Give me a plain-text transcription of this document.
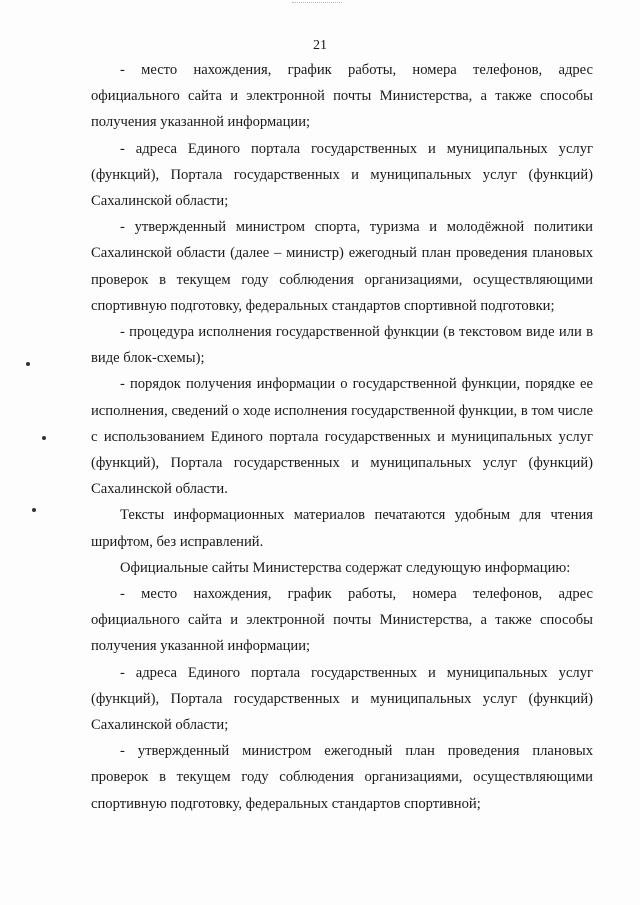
21

- место нахождения, график работы, номера телефонов, адрес официального сайта и электронной почты Министерства, а также способы получения указанной информации;

- адреса Единого портала государственных и муниципальных услуг (функций), Портала государственных и муниципальных услуг (функций) Сахалинской области;

- утвержденный министром спорта, туризма и молодёжной политики Сахалинской области (далее – министр) ежегодный план проведения плановых проверок в текущем году соблюдения организациями, осуществляющими спортивную подготовку, федеральных стандартов спортивной подготовки;

- процедура исполнения государственной функции (в текстовом виде или в виде блок-схемы);

- порядок получения информации о государственной функции, порядке ее исполнения, сведений о ходе исполнения государственной функции, в том числе с использованием Единого портала государственных и муниципальных услуг (функций), Портала государственных и муниципальных услуг (функций) Сахалинской области.

Тексты информационных материалов печатаются удобным для чтения шрифтом, без исправлений.

Официальные сайты Министерства содержат следующую информацию:

- место нахождения, график работы, номера телефонов, адрес официального сайта и электронной почты Министерства, а также способы получения указанной информации;

- адреса Единого портала государственных и муниципальных услуг (функций), Портала государственных и муниципальных услуг (функций) Сахалинской области;

- утвержденный министром ежегодный план проведения плановых проверок в текущем году соблюдения организациями, осуществляющими спортивную подготовку, федеральных стандартов спортивной;
